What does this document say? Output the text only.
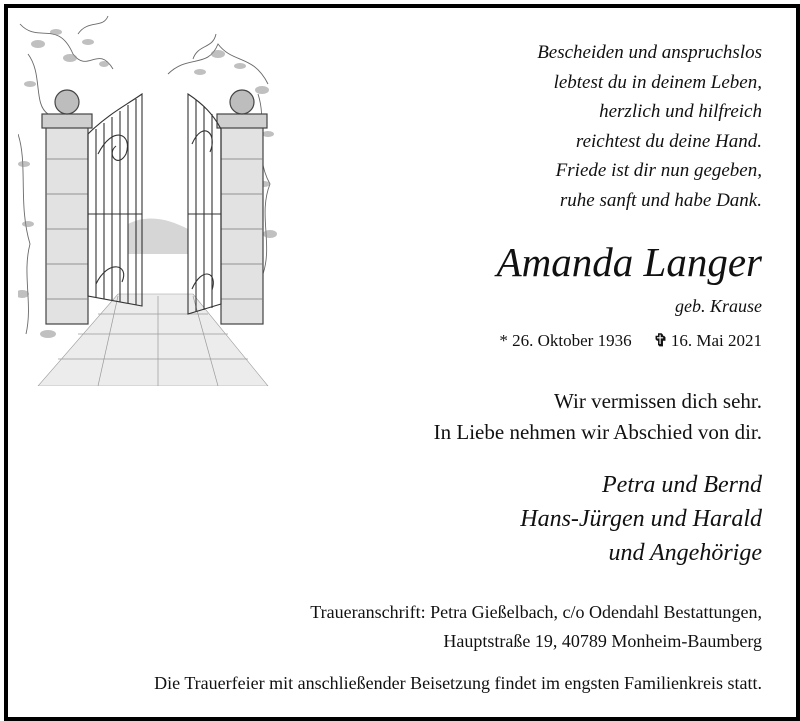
Bescheiden und anspruchslos
lebtest du in deinem Leben,
herzlich und hilfreich
reichtest du deine Hand.
Friede ist dir nun gegeben,
ruhe sanft und habe Dank.
Amanda Langer
geb. Krause
* 26. Oktober 1936 ✞ 16. Mai 2021
Wir vermissen dich sehr.
In Liebe nehmen wir Abschied von dir.
Petra und Bernd
Hans-Jürgen und Harald
und Angehörige
Traueranschrift: Petra Gießelbach, c/o Odendahl Bestattungen,
Hauptstraße 19, 40789 Monheim-Baumberg
Die Trauerfeier mit anschließender Beisetzung findet im engsten Familienkreis statt.
